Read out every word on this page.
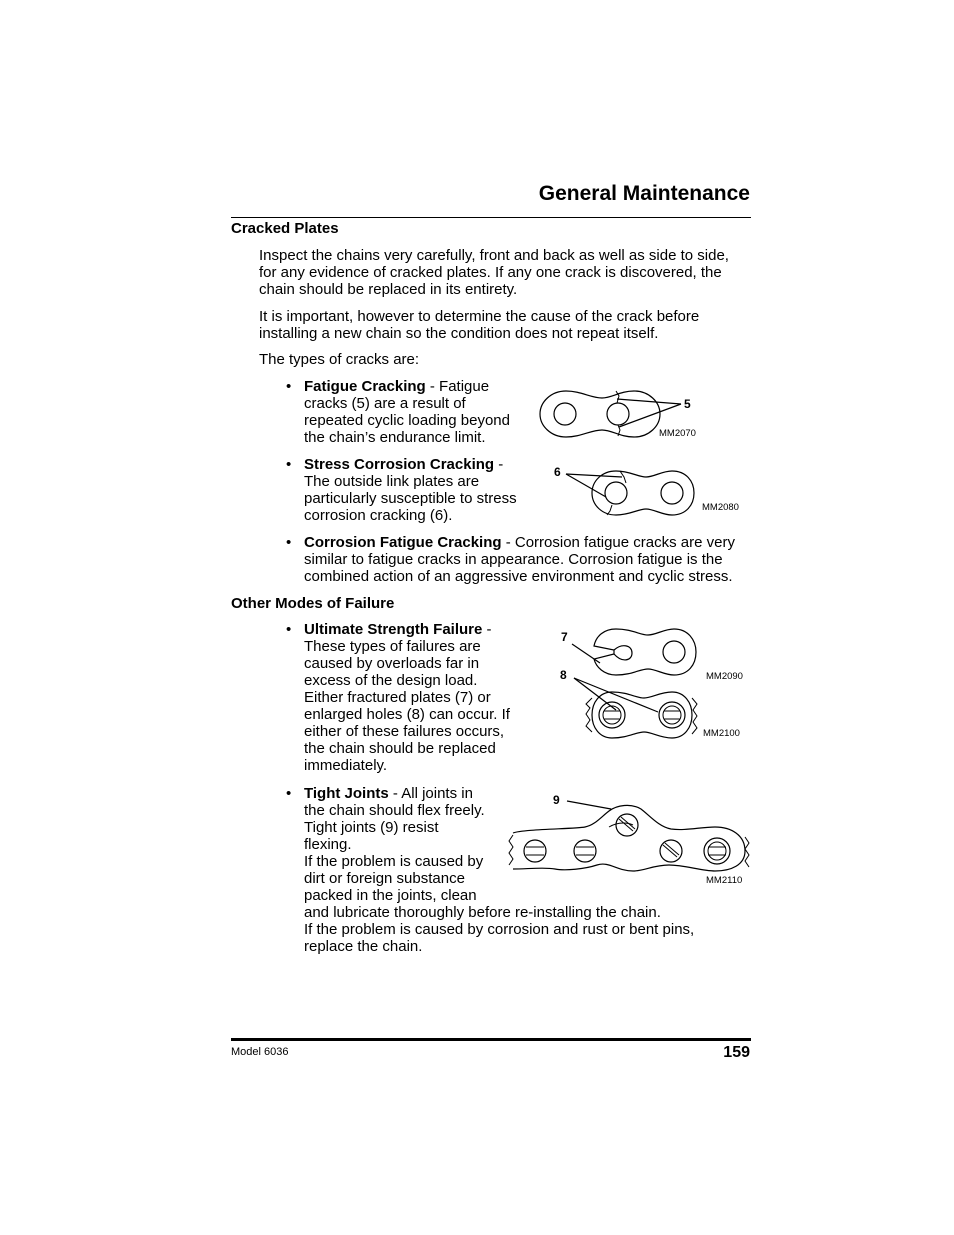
General Maintenance
Cracked Plates
Inspect the chains very carefully, front and back as well as side to side,
for any evidence of cracked plates. If any one crack is discovered, the
chain should be replaced in its entirety.
It is important, however to determine the cause of the crack before
installing a new chain so the condition does not repeat itself.
The types of cracks are:
• Fatigue Cracking - Fatigue
cracks (5) are a result of
repeated cyclic loading beyond
the chain’s endurance limit.
• Stress Corrosion Cracking -
The outside link plates are
particularly susceptible to stress
corrosion cracking (6).
• Corrosion Fatigue Cracking - Corrosion fatigue cracks are very
similar to fatigue cracks in appearance. Corrosion fatigue is the
combined action of an aggressive environment and cyclic stress.
Other Modes of Failure
• Ultimate Strength Failure -
These types of failures are
caused by overloads far in
excess of the design load.
Either fractured plates (7) or
enlarged holes (8) can occur. If
either of these failures occurs,
the chain should be replaced
immediately.
• Tight Joints - All joints in
the chain should flex freely.
Tight joints (9) resist
flexing.
If the problem is caused by
dirt or foreign substance
packed in the joints, clean
and lubricate thoroughly before re-installing the chain.
If the problem is caused by corrosion and rust or bent pins,
replace the chain.
5
MM2070
6
MM2080
7
MM2090
8
MM2100
9
MM2110
Model 6036	159
